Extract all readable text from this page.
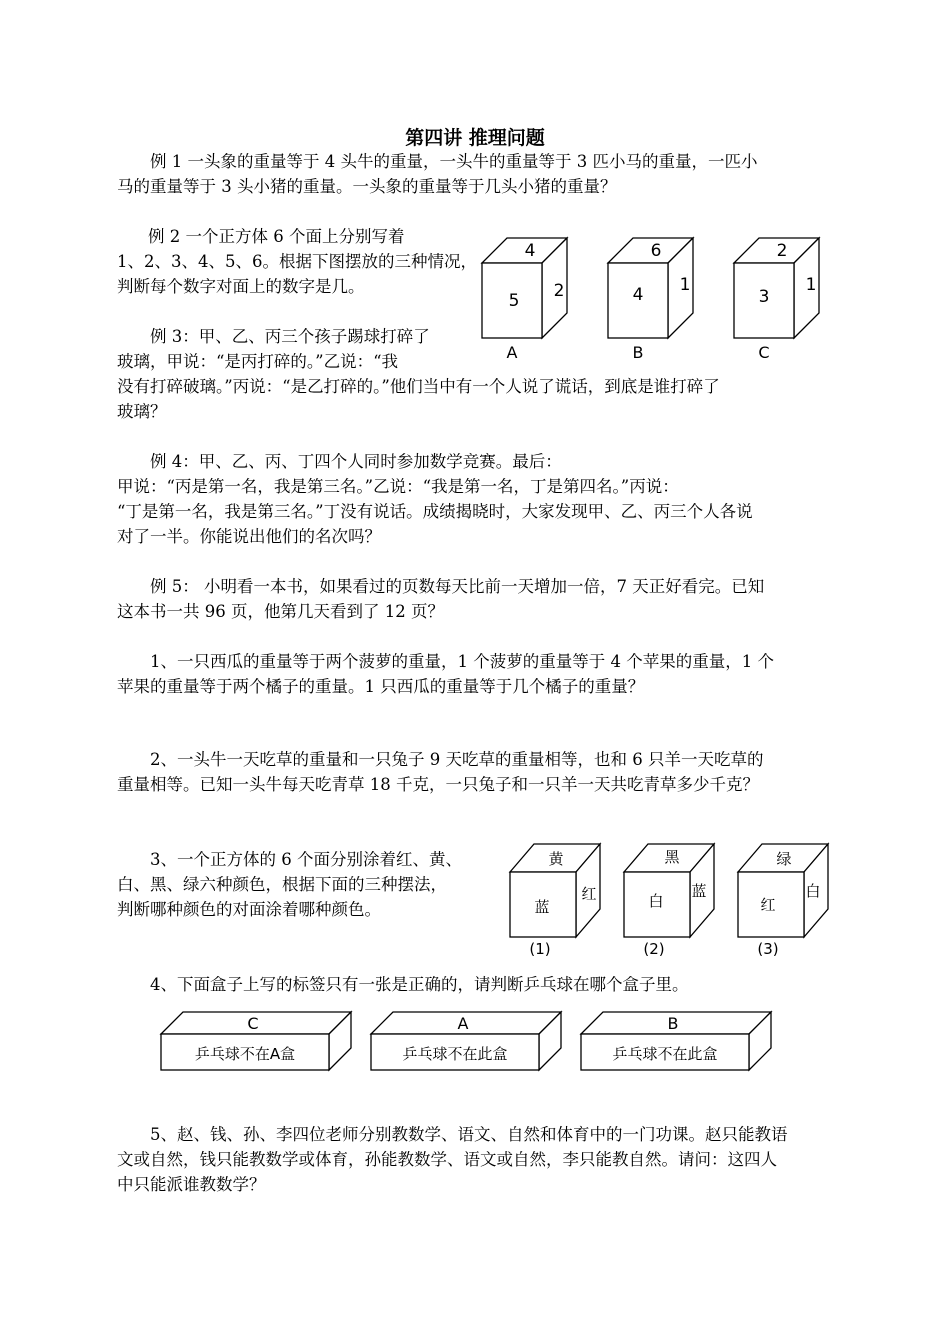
第四讲 推理问题
例 1 一头象的重量等于 4 头牛的重量，一头牛的重量等于 3 匹小马的重量，一匹小
马的重量等于 3 头小猪的重量。一头象的重量等于几头小猪的重量？
例 2 一个正方体 6 个面上分别写着
1、2、3、4、5、6。根据下图摆放的三种情况，
判断每个数字对面上的数字是几。
4
5 2
A
6
4 1
B
2
3
1
C
例 3：甲、乙、丙三个孩子踢球打碎了
玻璃，甲说：“是丙打碎的。”乙说：“我
没有打碎破璃。”丙说：“是乙打碎的。”他们当中有一个人说了谎话，到底是谁打碎了
玻璃？
例 4：甲、乙、丙、丁四个人同时参加数学竞赛。最后：
甲说：“丙是第一名，我是第三名。”乙说：“我是第一名，丁是第四名。”丙说：
“丁是第一名，我是第三名。”丁没有说话。成绩揭晓时，大家发现甲、乙、丙三个人各说
对了一半。你能说出他们的名次吗？
例 5： 小明看一本书，如果看过的页数每天比前一天增加一倍，7 天正好看完。已知
这本书一共 96 页，他第几天看到了 12 页？
1、一只西瓜的重量等于两个菠萝的重量，1 个菠萝的重量等于 4 个苹果的重量，1 个
苹果的重量等于两个橘子的重量。1 只西瓜的重量等于几个橘子的重量？
2、一头牛一天吃草的重量和一只兔子 9 天吃草的重量相等，也和 6 只羊一天吃草的
重量相等。已知一头牛每天吃青草 18 千克，一只兔子和一只羊一天共吃青草多少千克？
3、一个正方体的 6 个面分别涂着红、黄、
白、黑、绿六种颜色，根据下面的三种摆法，
判断哪种颜色的对面涂着哪种颜色。
黄
蓝
红
(1)
黑
白
蓝
(2)
绿
红
白
(3)
4、下面盒子上写的标签只有一张是正确的，请判断乒乓球在哪个盒子里。
C
乒乓球不在A盒
A
乒乓球不在此盒
B
乒乓球不在此盒
5、赵、钱、孙、李四位老师分别教数学、语文、自然和体育中的一门功课。赵只能教语
文或自然，钱只能教数学或体育，孙能教数学、语文或自然，李只能教自然。请问：这四人
中只能派谁教数学？
